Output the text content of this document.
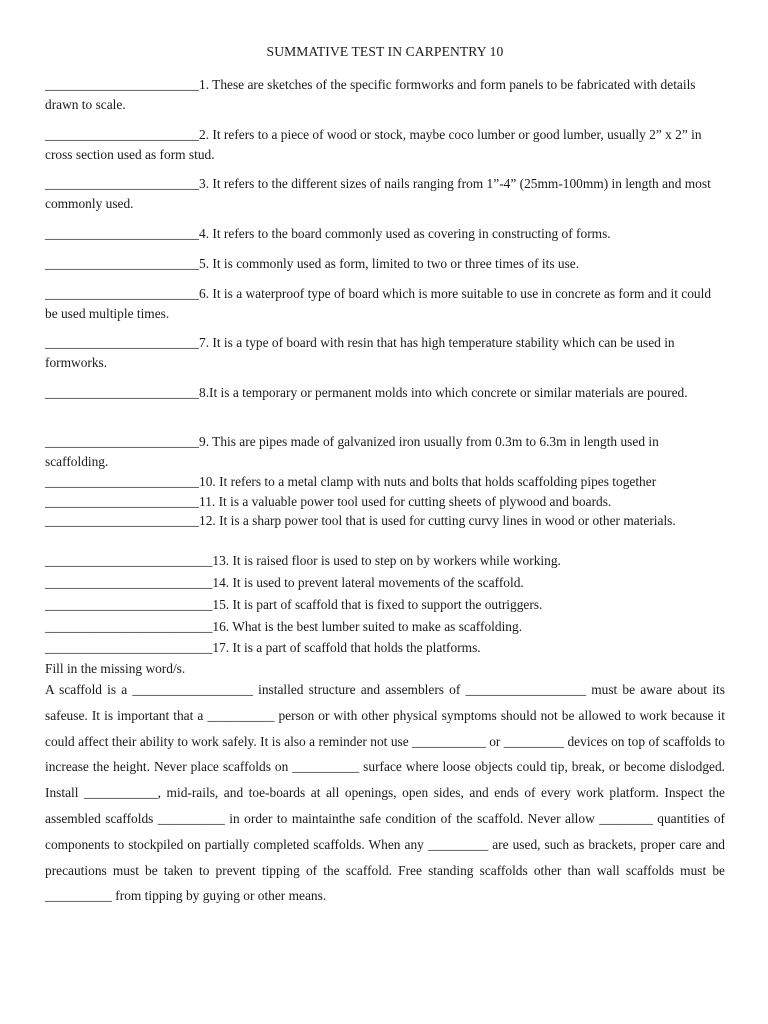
SUMMATIVE TEST IN CARPENTRY 10

_______________________1. These are sketches of the specific formworks and form panels to be fabricated with details drawn to scale.

_______________________2. It refers to a piece of wood or stock, maybe coco lumber or good lumber, usually 2” x 2” in cross section used as form stud.

_______________________3. It refers to the different sizes of nails ranging from 1”-4” (25mm-100mm) in length and most commonly used.

_______________________4. It refers to the board commonly used as covering in constructing of forms.

_______________________5. It is commonly used as form, limited to two or three times of its use.

_______________________6. It is a waterproof type of board which is more suitable to use in concrete as form and it could be used multiple times.

_______________________7. It is a type of board with resin that has high temperature stability which can be used in formworks.

_______________________8.It is a temporary or permanent molds into which concrete or similar materials are poured.

_______________________9. This are pipes made of galvanized iron usually from 0.3m to 6.3m in length used in scaffolding.

_______________________10. It refers to a metal clamp with nuts and bolts that holds scaffolding pipes together

_______________________11. It is a valuable power tool used for cutting sheets of plywood and boards.

_______________________12. It is a sharp power tool that is used for cutting curvy lines in wood or other materials.

_________________________13. It is raised floor is used to step on by workers while working.

_________________________14. It is used to prevent lateral movements of the scaffold.

_________________________15. It is part of scaffold that is fixed to support the outriggers.

_________________________16. What is the best lumber suited to make as scaffolding.

_________________________17. It is a part of scaffold that holds the platforms.

Fill in the missing word/s.
A scaffold is a __________________ installed structure and assemblers of __________________ must be aware about its safeuse. It is important that a __________ person or with other physical symptoms should not be allowed to work because it could affect their ability to work safely. It is also a reminder not use ___________ or _________ devices on top of scaffolds to increase the height. Never place scaffolds on __________ surface where loose objects could tip, break, or become dislodged. Install ___________, mid-rails, and toe-boards at all openings, open sides, and ends of every work platform. Inspect the assembled scaffolds __________ in order to maintainthe safe condition of the scaffold. Never allow ________ quantities of components to stockpiled on partially completed scaffolds. When any _________ are used, such as brackets, proper care and precautions must be taken to prevent tipping of the scaffold. Free standing scaffolds other than wall scaffolds must be __________ from tipping by guying or other means.
